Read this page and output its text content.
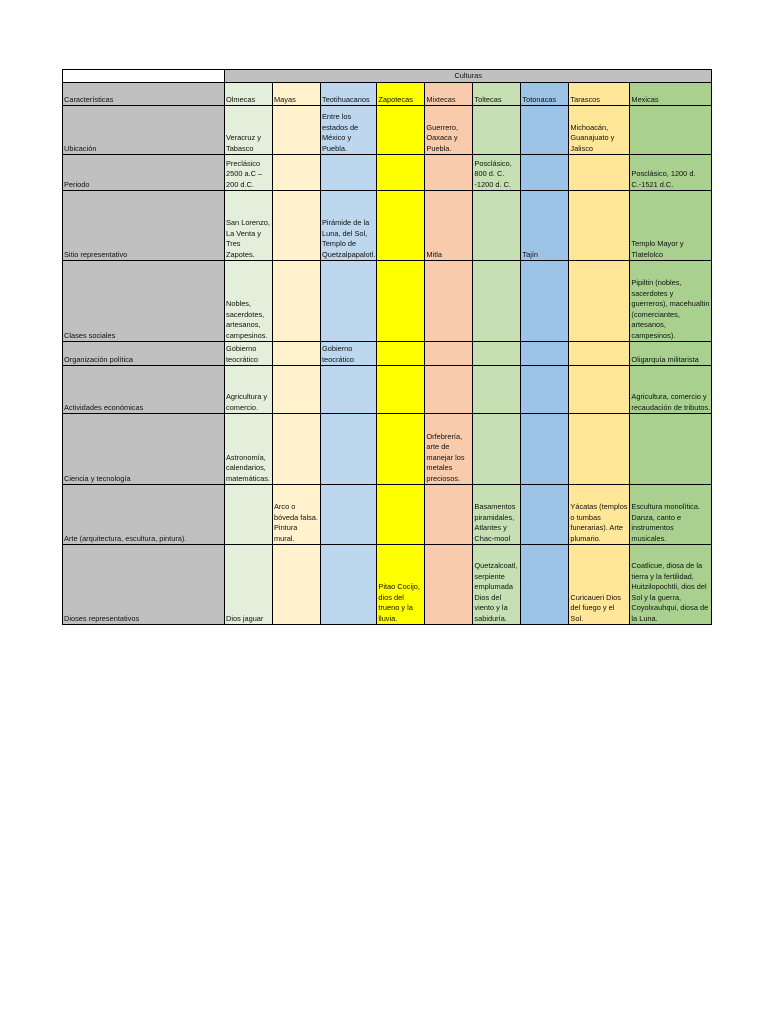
	Culturas								
Características	Olmecas	Mayas	Teotihuacanos	Zapotecas	Mixtecas	Toltecas	Totonacas	Tarascos	Mexicas
Ubicación	Veracruz y Tabasco		Entre los estados de México y Puebla.		Guerrero, Oaxaca y Puebla.			Michoacán, Guanajuato y Jalisco	
Periodo	Preclásico 2500 a.C – 200 d.C.					Posclásico, 800 d. C. -1200 d. C.			Posclásico, 1200 d. C.-1521 d.C.
Sitio representativo	San Lorenzo, La Venta y Tres Zapotes.		Pirámide de la Luna, del Sol, Templo de Quetzalpapalotl.		Mitla		Tajín		Templo Mayor y Tlatelolco
Clases sociales	Nobles, sacerdotes, artesanos, campesinos.								Pipiltin (nobles, sacerdotes y guerreros), macehualtin (comerciantes, artesanos, campesinos).
Organización política	Gobierno teocrático		Gobierno teocrático						Oligarquía militarista
Actividades económicas	Agricultura y comercio.								Agricultura, comercio y recaudación de tributos.
Ciencia y tecnología	Astronomía, calendarios, matemáticas.				Orfebrería, arte de manejar los metales preciosos.				
Arte (arquitectura, escultura, pintura).		Arco o bóveda falsa. Pintura mural.				Basamentos piramidales, Atlantes y Chac-mool		Yácatas (templos o tumbas funerarias). Arte plumario.	Escultura monolítica. Danza, canto e instrumentos musicales.
Dioses representativos	Dios jaguar			Pitao Cocijo, dios del trueno y la lluvia.		Quetzalcoatl, serpiente emplumada Dios del viento y la sabiduría.		Curicaueri Dios del fuego y el Sol.	Coatlicue, diosa de la tierra y la fertilidad, Huitzilopochtli, dios del Sol y la guerra, Coyolxauhqui, diosa de la Luna.
